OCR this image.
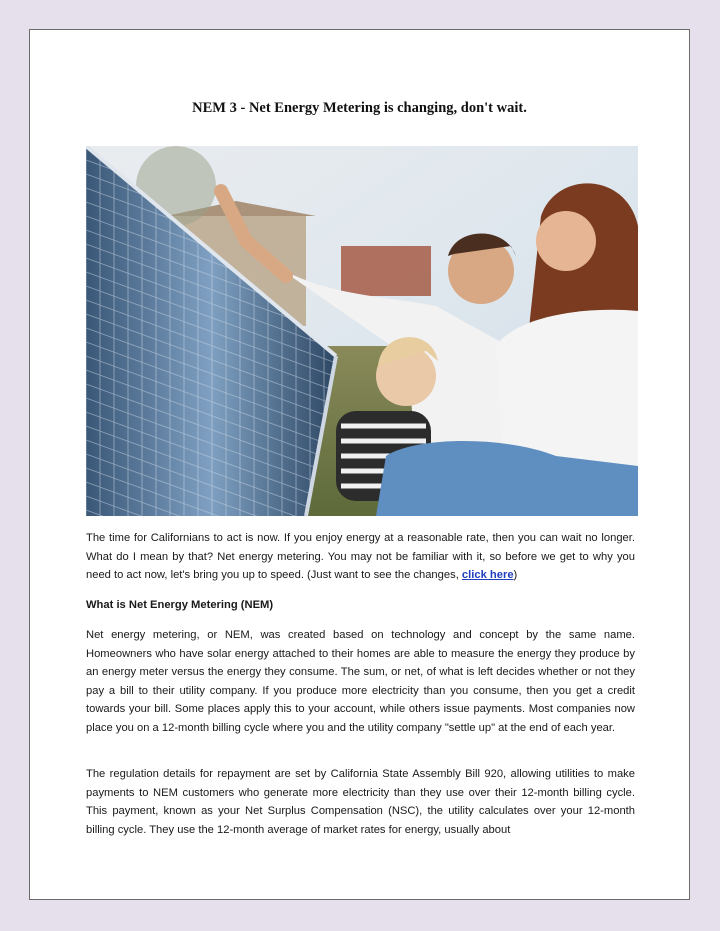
NEM 3 - Net Energy Metering is changing, don't wait.
The time for Californians to act is now. If you enjoy energy at a reasonable rate, then you can wait no longer. What do I mean by that? Net energy metering. You may not be familiar with it, so before we get to why you need to act now, let's bring you up to speed. (Just want to see the changes, click here)
What is Net Energy Metering (NEM)
Net energy metering, or NEM, was created based on technology and concept by the same name. Homeowners who have solar energy attached to their homes are able to measure the energy they produce by an energy meter versus the energy they consume. The sum, or net, of what is left decides whether or not they pay a bill to their utility company. If you produce more electricity than you consume, then you get a credit towards your bill. Some places apply this to your account, while others issue payments. Most companies now place you on a 12-month billing cycle where you and the utility company "settle up" at the end of each year.
The regulation details for repayment are set by California State Assembly Bill 920, allowing utilities to make payments to NEM customers who generate more electricity than they use over their 12-month billing cycle. This payment, known as your Net Surplus Compensation (NSC), the utility calculates over your 12-month billing cycle. They use the 12-month average of market rates for energy, usually about
